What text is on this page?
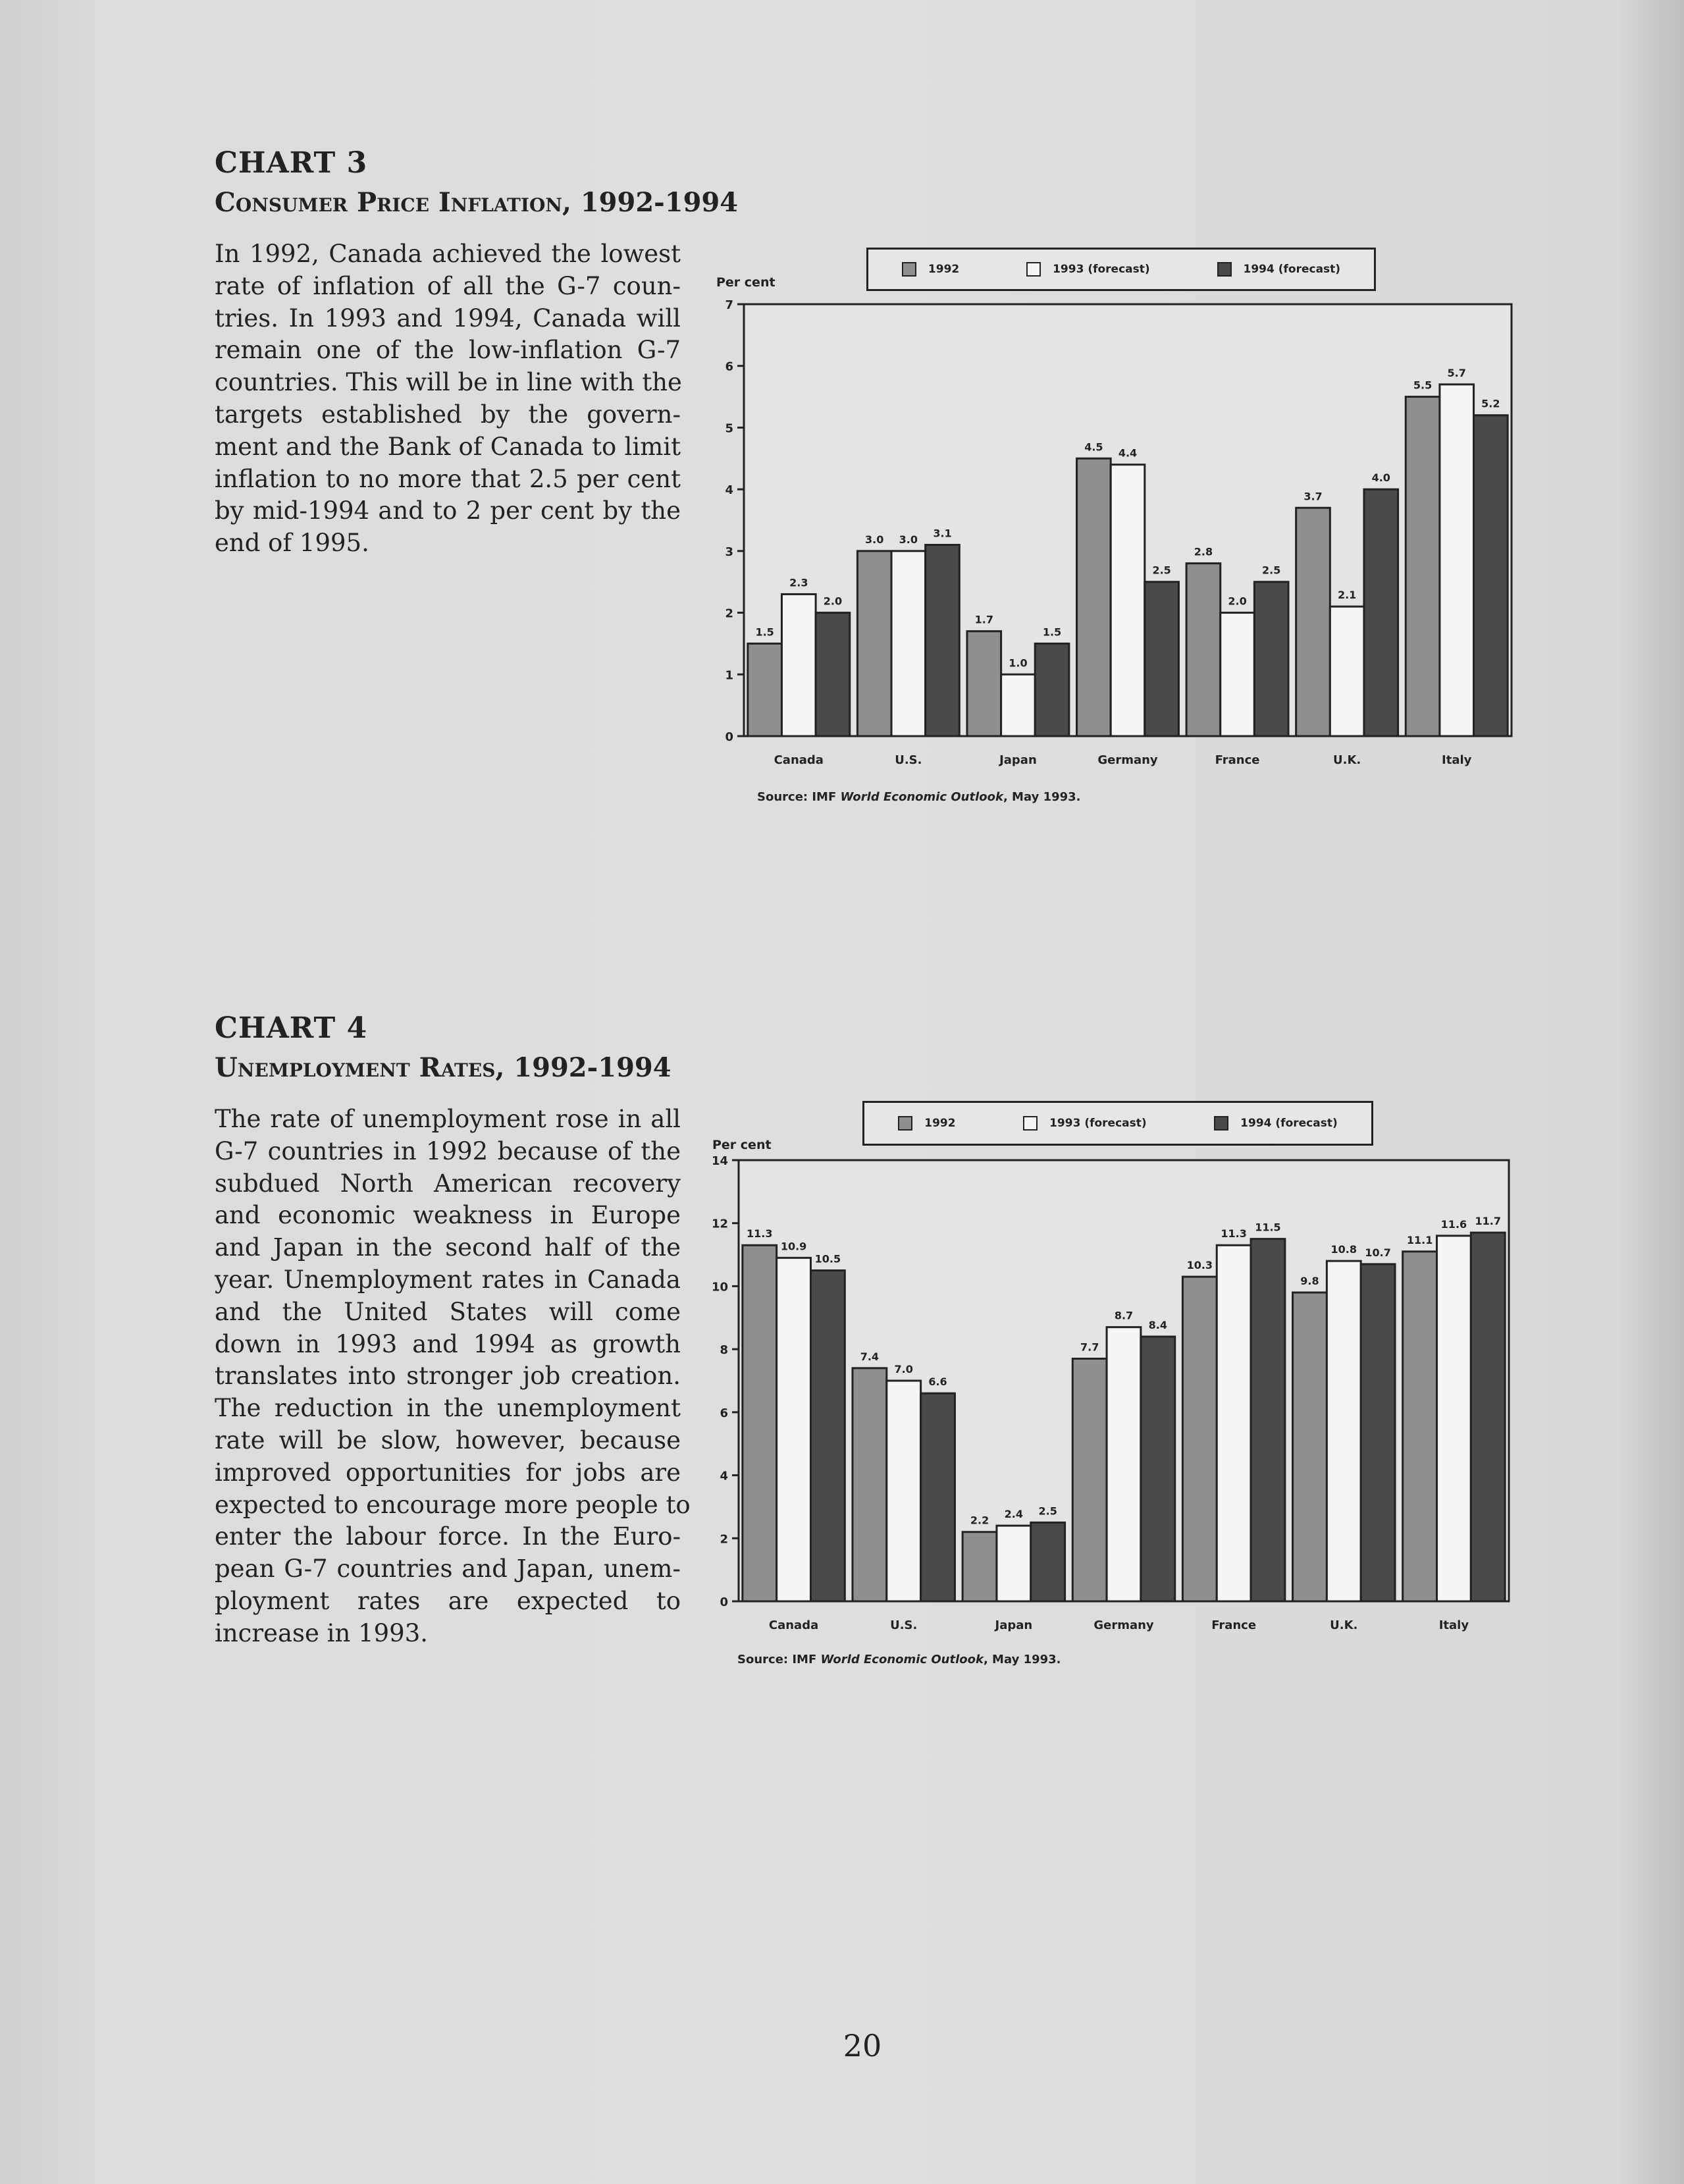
CHART 3
Consumer Price Inflation, 1992-1994
In 1992, Canada achieved the lowest
rate of inflation of all the G-7 coun-
tries. In 1993 and 1994, Canada will
remain one of the low-inflation G-7
countries. This will be in line with the
targets established by the govern-
ment and the Bank of Canada to limit
inflation to no more that 2.5 per cent
by mid-1994 and to 2 per cent by the
end of 1995.
1992	1993 (forecast)	1994 (forecast)
Per cent
0
1
2
3
4
5
6
7
1.5
2.3
2.0
Canada
3.0 3.0 3.1
U.S.
1.7
1.0
1.5
Japan
4.5 4.4
2.5
Germany
2.8
2.0
2.5
France
3.7
2.1
4.0
U.K.
5.5
5.7
5.2
Italy
Source: IMF World Economic Outlook, May 1993.
CHART 4
Unemployment Rates, 1992-1994
The rate of unemployment rose in all
G-7 countries in 1992 because of the
subdued North American recovery
and economic weakness in Europe
and Japan in the second half of the
year. Unemployment rates in Canada
and the United States will come
down in 1993 and 1994 as growth
translates into stronger job creation.
The reduction in the unemployment
rate will be slow, however, because
improved opportunities for jobs are
expected to encourage more people to
enter the labour force. In the Euro-
pean G-7 countries and Japan, unem-
ployment rates are expected to
increase in 1993.
1992	1993 (forecast)	1994 (forecast)
Per cent
0
2
4
6
8
10
12
14
11.3
10.9
10.5
Canada
7.4
7.0
6.6
U.S.
2.2
2.4 2.5
Japan
7.7
8.7
8.4
Germany
10.3
11.3
11.5
France
9.8
10.8 10.7
U.K.
11.1
11.6 11.7
Italy
Source: IMF World Economic Outlook, May 1993.
20
